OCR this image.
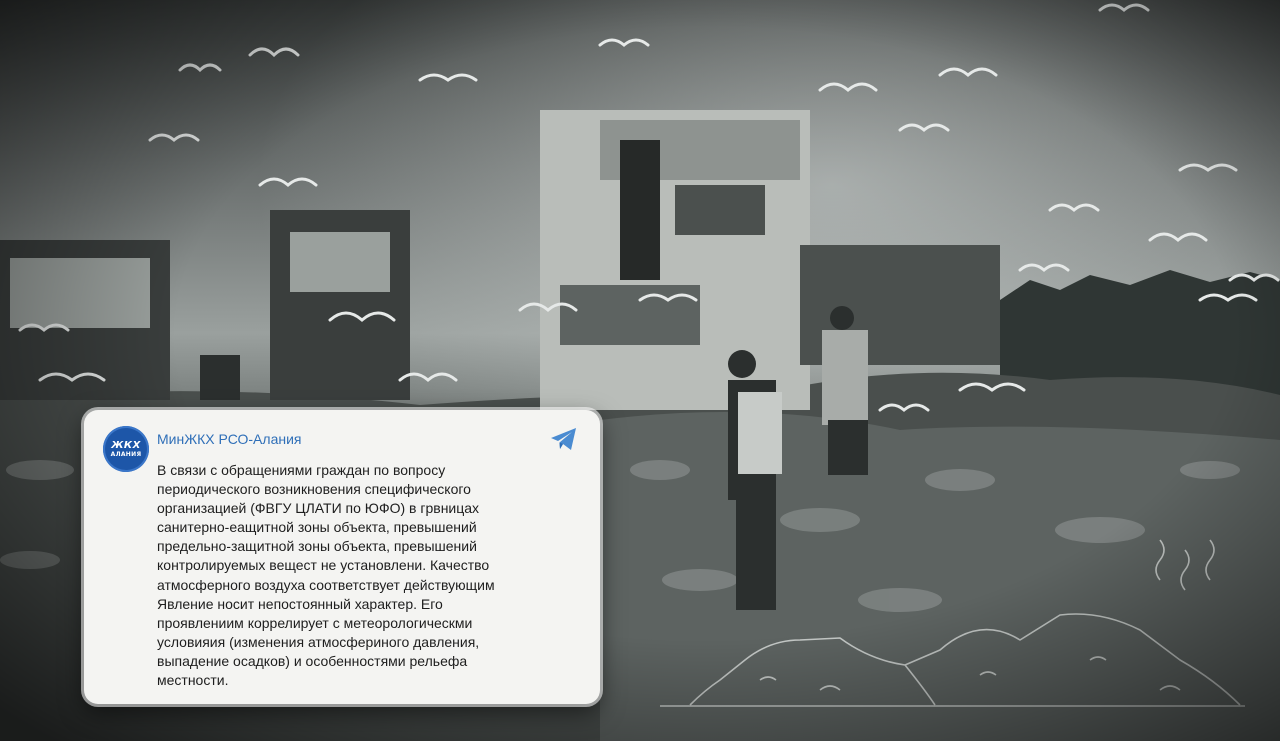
ЖКХ
АЛАНИЯ
МинЖКХ РСО-Алания
В связи с обращениями граждан по вопросу
периодического возникновения специфического
организацией (ФВГУ ЦЛАТИ по ЮФО) в грвницах
санитерно-еащитной зоны объекта, превышений
предельно-защитной зоны объекта, превышений
контролируемых вещест не установлени. Качество
атмосферного воздуха соответствует действующим
Явление носит непостоянный характер. Его
проявлениим коррелирует с метеорологическми
условияия (изменения атмосфериного давления,
выпадение осадков) и особенностями рельефа
местности.
